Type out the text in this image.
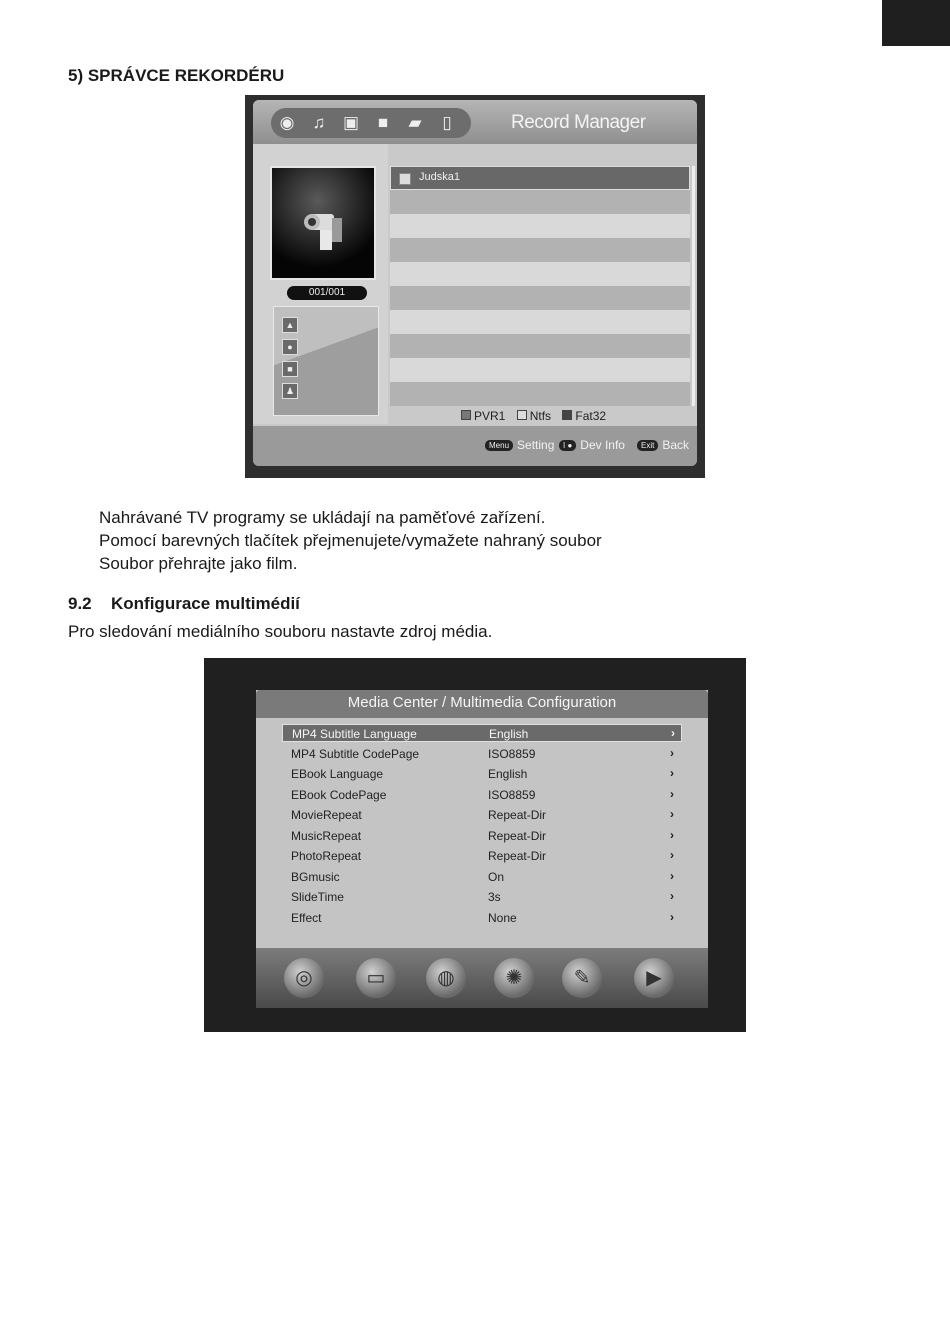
5) SPRÁVCE REKORDÉRU
◉ ♫ ▣ ■ ▰	▯	Record Manager
001/001
▲
●
■
♟
Judska1
PVR1 Ntfs Fat32
Menu Setting	I ● Dev Info	Exit Back
Nahrávané TV programy se ukládají na paměťové zařízení.
Pomocí barevných tlačítek přejmenujete/vymažete nahraný soubor
Soubor přehrajte jako film.
9.2 Konfigurace multimédií
Pro sledování mediálního souboru nastavte zdroj média.
Media Center / Multimedia Configuration
MP4 Subtitle Language	English	›
MP4 Subtitle CodePage	ISO8859	›
EBook Language	English	›
EBook CodePage	ISO8859	›
MovieRepeat	Repeat-Dir	›
MusicRepeat	Repeat-Dir	›
PhotoRepeat	Repeat-Dir	›
BGmusic	On	›
SlideTime	3s	›
Effect	None	›
◎	▭	◍	✺	✎	▶
